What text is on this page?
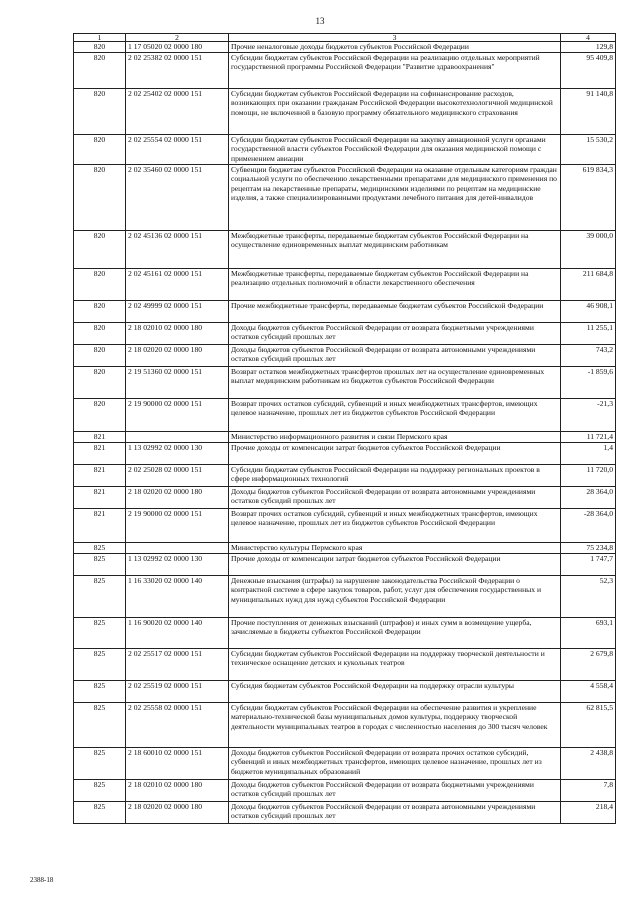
13
1	2	3	4
820	1 17 05020 02 0000 180	Прочие неналоговые доходы бюджетов субъектов Российской Федерации	129,8
820	2 02 25382 02 0000 151	Субсидии бюджетам субъектов Российской Федерации на реализацию отдельных мероприятий государственной программы Российской Федерации "Развитие здравоохранения"	95 409,8
820	2 02 25402 02 0000 151	Субсидии бюджетам субъектов Российской Федерации на софинансирование расходов, возникающих при оказании гражданам Российской Федерации высокотехнологичной медицинской помощи, не включенной в базовую программу обязательного медицинского страхования	91 140,8
820	2 02 25554 02 0000 151	Субсидии бюджетам субъектов Российской Федерации на закупку авиационной услуги органами государственной власти субъектов Российской Федерации для оказания медицинской помощи с применением авиации	15 530,2
820	2 02 35460 02 0000 151	Субвенции бюджетам субъектов Российской Федерации на оказание отдельным категориям граждан социальной услуги по обеспечению лекарственными препаратами для медицинского применения по рецептам на лекарственные препараты, медицинскими изделиями по рецептам на медицинские изделия, а также специализированными продуктами лечебного питания для детей-инвалидов	619 834,3
820	2 02 45136 02 0000 151	Межбюджетные трансферты, передаваемые бюджетам субъектов Российской Федерации на осуществление единовременных выплат медицинским работникам	39 000,0
820	2 02 45161 02 0000 151	Межбюджетные трансферты, передаваемые бюджетам субъектов Российской Федерации на реализацию отдельных полномочий в области лекарственного обеспечения	211 684,8
820	2 02 49999 02 0000 151	Прочие межбюджетные трансферты, передаваемые бюджетам субъектов Российской Федерации	46 908,1
820	2 18 02010 02 0000 180	Доходы бюджетов субъектов Российской Федерации от возврата бюджетными учреждениями остатков субсидий прошлых лет	11 255,1
820	2 18 02020 02 0000 180	Доходы бюджетов субъектов Российской Федерации от возврата автономными учреждениями остатков субсидий прошлых лет	743,2
820	2 19 51360 02 0000 151	Возврат остатков межбюджетных трансфертов прошлых лет на осуществление единовременных выплат медицинским работникам из бюджетов субъектов Российской Федерации	-1 859,6
820	2 19 90000 02 0000 151	Возврат прочих остатков субсидий, субвенций и иных межбюджетных трансфертов, имеющих целевое назначение, прошлых лет из бюджетов субъектов Российской Федерации	-21,3
821		Министерство информационного развития и связи Пермского края	11 721,4
821	1 13 02992 02 0000 130	Прочие доходы от компенсации затрат бюджетов субъектов Российской Федерации	1,4
821	2 02 25028 02 0000 151	Субсидии бюджетам субъектов Российской Федерации на поддержку региональных проектов в сфере информационных технологий	11 720,0
821	2 18 02020 02 0000 180	Доходы бюджетов субъектов Российской Федерации от возврата автономными учреждениями остатков субсидий прошлых лет	28 364,0
821	2 19 90000 02 0000 151	Возврат прочих остатков субсидий, субвенций и иных межбюджетных трансфертов, имеющих целевое назначение, прошлых лет из бюджетов субъектов Российской Федерации	-28 364,0
825		Министерство культуры Пермского края	75 234,8
825	1 13 02992 02 0000 130	Прочие доходы от компенсации затрат бюджетов субъектов Российской Федерации	1 747,7
825	1 16 33020 02 0000 140	Денежные взыскания (штрафы) за нарушение законодательства Российской Федерации о контрактной системе в сфере закупок товаров, работ, услуг для обеспечения государственных и муниципальных нужд для нужд субъектов Российской Федерации	52,3
825	1 16 90020 02 0000 140	Прочие поступления от денежных взысканий (штрафов) и иных сумм в возмещение ущерба, зачисляемые в бюджеты субъектов Российской Федерации	693,1
825	2 02 25517 02 0000 151	Субсидии бюджетам субъектов Российской Федерации на поддержку творческой деятельности и техническое оснащение детских и кукольных театров	2 679,8
825	2 02 25519 02 0000 151	Субсидия бюджетам субъектов Российской Федерации на поддержку отрасли культуры	4 558,4
825	2 02 25558 02 0000 151	Субсидии бюджетам субъектов Российской Федерации на обеспечение развития и укрепление материально-технической базы муниципальных домов культуры, поддержку творческой деятельности муниципальных театров в городах с численностью населения до 300 тысяч человек	62 815,5
825	2 18 60010 02 0000 151	Доходы бюджетов субъектов Российской Федерации от возврата прочих остатков субсидий, субвенций и иных межбюджетных трансфертов, имеющих целевое назначение, прошлых лет из бюджетов муниципальных образований	2 438,8
825	2 18 02010 02 0000 180	Доходы бюджетов субъектов Российской Федерации от возврата бюджетными учреждениями остатков субсидий прошлых лет	7,8
825	2 18 02020 02 0000 180	Доходы бюджетов субъектов Российской Федерации от возврата автономными учреждениями остатков субсидий прошлых лет	218,4
2388-18
